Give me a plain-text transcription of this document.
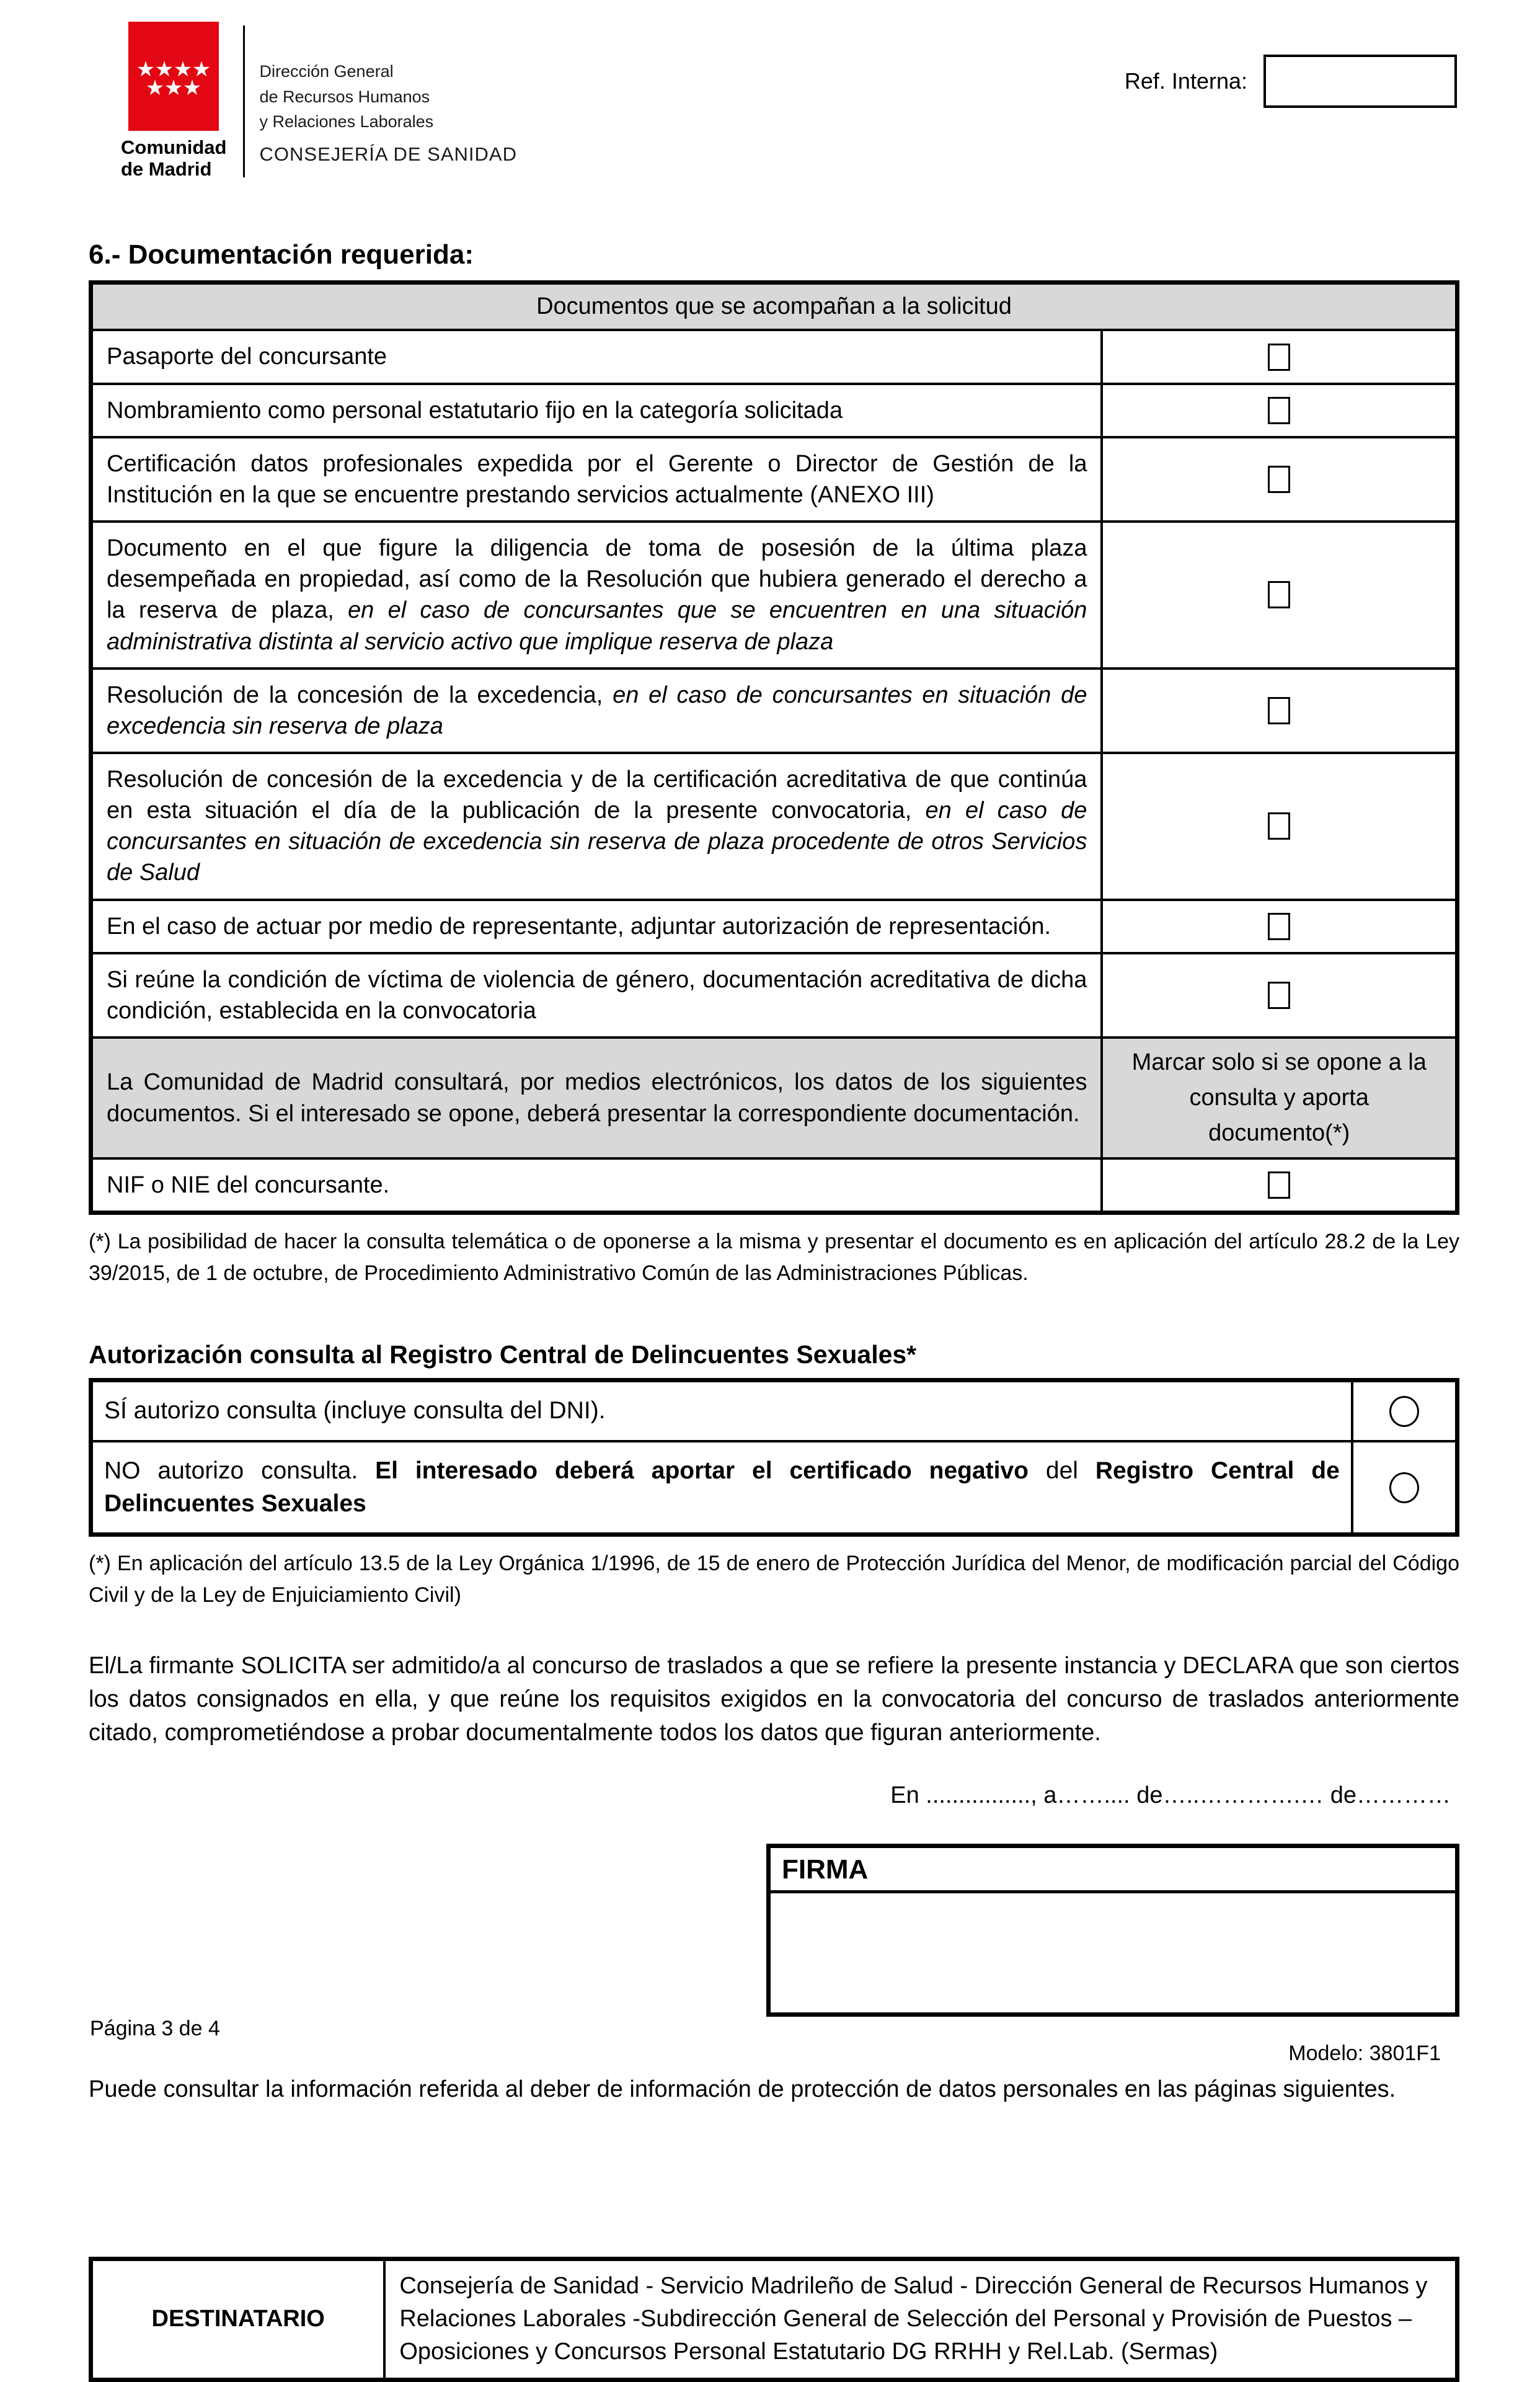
★ ★ ★ ★
★ ★ ★
Comunidad
de Madrid
Dirección General
de Recursos Humanos
y Relaciones Laborales
CONSEJERÍA DE SANIDAD
Ref. Interna:
6.- Documentación requerida:
Documentos que se acompañan a la solicitud	
Pasaporte del concursante	

Nombramiento como personal estatutario fijo en la categoría solicitada	

Certificación datos profesionales expedida por el Gerente o Director de Gestión de la Institución en la que se encuentre prestando servicios actualmente (ANEXO III)	

Documento en el que figure la diligencia de toma de posesión de la última plaza desempeñada en propiedad, así como de la Resolución que hubiera generado el derecho a la reserva de plaza, en el caso de concursantes que se encuentren en una situación administrativa distinta al servicio activo que implique reserva de plaza	

Resolución de la concesión de la excedencia, en el caso de concursantes en situación de excedencia sin reserva de plaza	

Resolución de concesión de la excedencia y de la certificación acreditativa de que continúa en esta situación el día de la publicación de la presente convocatoria, en el caso de concursantes en situación de excedencia sin reserva de plaza procedente de otros Servicios de Salud	

En el caso de actuar por medio de representante, adjuntar autorización de representación.	

Si reúne la condición de víctima de violencia de género, documentación acreditativa de dicha condición, establecida en la convocatoria	

La Comunidad de Madrid consultará, por medios electrónicos, los datos de los siguientes documentos. Si el interesado se opone, deberá presentar la correspondiente documentación.	Marcar solo si se opone a la consulta y aporta documento(*)
NIF o NIE del concursante.	
(*) La posibilidad de hacer la consulta telemática o de oponerse a la misma y presentar el documento es en aplicación del artículo 28.2 de la Ley 39/2015, de 1 de octubre, de Procedimiento Administrativo Común de las Administraciones Públicas.
Autorización consulta al Registro Central de Delincuentes Sexuales*
SÍ autorizo consulta (incluye consulta del DNI).	

NO autorizo consulta. El interesado deberá aportar el certificado negativo del Registro Central de Delincuentes Sexuales	
(*) En aplicación del artículo 13.5 de la Ley Orgánica 1/1996, de 15 de enero de Protección Jurídica del Menor, de modificación parcial del Código Civil y de la Ley de Enjuiciamiento Civil)
El/La firmante SOLICITA ser admitido/a al concurso de traslados a que se refiere la presente instancia y DECLARA que son ciertos los datos consignados en ella, y que reúne los requisitos exigidos en la convocatoria del concurso de traslados anteriormente citado, comprometiéndose a probar documentalmente todos los datos que figuran anteriormente.
En ................, a…….... de…..………….… de…………
FIRMA
Puede consultar la información referida al deber de información de protección de datos personales en las páginas siguientes.
DESTINATARIO	Consejería de Sanidad - Servicio Madrileño de Salud - Dirección General de Recursos Humanos y Relaciones Laborales -Subdirección General de Selección del Personal y Provisión de Puestos – Oposiciones y Concursos Personal Estatutario DG RRHH y Rel.Lab. (Sermas)
Página 3 de 4
Modelo: 3801F1
